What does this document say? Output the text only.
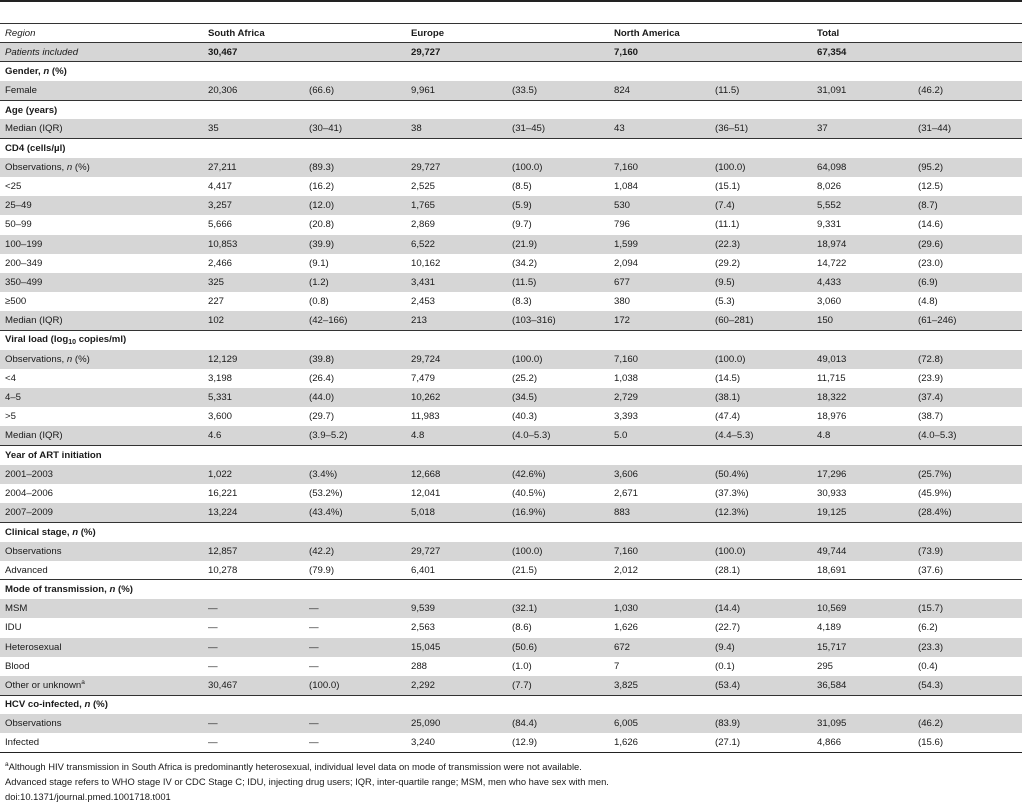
Region	South Africa		Europe		North America		Total		
Patients included	30,467		29,727		7,160		67,354		
Gender, n (%)									
Female	20,306	(66.6)	9,961	(33.5)	824	(11.5)	31,091	(46.2)	
Age (years)									
Median (IQR)	35	(30–41)	38	(31–45)	43	(36–51)	37	(31–44)	
CD4 (cells/µl)									
Observations, n (%)	27,211	(89.3)	29,727	(100.0)	7,160	(100.0)	64,098	(95.2)	
<25	4,417	(16.2)	2,525	(8.5)	1,084	(15.1)	8,026	(12.5)	
25–49	3,257	(12.0)	1,765	(5.9)	530	(7.4)	5,552	(8.7)	
50–99	5,666	(20.8)	2,869	(9.7)	796	(11.1)	9,331	(14.6)	
100–199	10,853	(39.9)	6,522	(21.9)	1,599	(22.3)	18,974	(29.6)	
200–349	2,466	(9.1)	10,162	(34.2)	2,094	(29.2)	14,722	(23.0)	
350–499	325	(1.2)	3,431	(11.5)	677	(9.5)	4,433	(6.9)	
≥500	227	(0.8)	2,453	(8.3)	380	(5.3)	3,060	(4.8)	
Median (IQR)	102	(42–166)	213	(103–316)	172	(60–281)	150	(61–246)	
Viral load ($\log_{10}$ copies/ml)									
Observations, n (%)	12,129	(39.8)	29,724	(100.0)	7,160	(100.0)	49,013	(72.8)	
<4	3,198	(26.4)	7,479	(25.2)	1,038	(14.5)	11,715	(23.9)	
4–5	5,331	(44.0)	10,262	(34.5)	2,729	(38.1)	18,322	(37.4)	
>5	3,600	(29.7)	11,983	(40.3)	3,393	(47.4)	18,976	(38.7)	
Median (IQR)	4.6	(3.9–5.2)	4.8	(4.0–5.3)	5.0	(4.4–5.3)	4.8	(4.0–5.3)	
Year of ART initiation									
2001–2003	1,022	(3.4%)	12,668	(42.6%)	3,606	(50.4%)	17,296	(25.7%)	
2004–2006	16,221	(53.2%)	12,041	(40.5%)	2,671	(37.3%)	30,933	(45.9%)	
2007–2009	13,224	(43.4%)	5,018	(16.9%)	883	(12.3%)	19,125	(28.4%)	
Clinical stage, n (%)									
Observations	12,857	(42.2)	29,727	(100.0)	7,160	(100.0)	49,744	(73.9)	
Advanced	10,278	(79.9)	6,401	(21.5)	2,012	(28.1)	18,691	(37.6)	
Mode of transmission, n (%)									
MSM	—	—	9,539	(32.1)	1,030	(14.4)	10,569	(15.7)	
IDU	—	—	2,563	(8.6)	1,626	(22.7)	4,189	(6.2)	
Heterosexual	—	—	15,045	(50.6)	672	(9.4)	15,717	(23.3)	
Blood	—	—	288	(1.0)	7	(0.1)	295	(0.4)	
Other or unknown$^a$	30,467	(100.0)	2,292	(7.7)	3,825	(53.4)	36,584	(54.3)	
HCV co-infected, n (%)									
Observations	—	—	25,090	(84.4)	6,005	(83.9)	31,095	(46.2)	
Infected	—	—	3,240	(12.9)	1,626	(27.1)	4,866	(15.6)	
$^a$Although HIV transmission in South Africa is predominantly heterosexual, individual level data on mode of transmission were not available.
Advanced stage refers to WHO stage IV or CDC Stage C; IDU, injecting drug users; IQR, inter-quartile range; MSM, men who have sex with men.
doi:10.1371/journal.pmed.1001718.t001
